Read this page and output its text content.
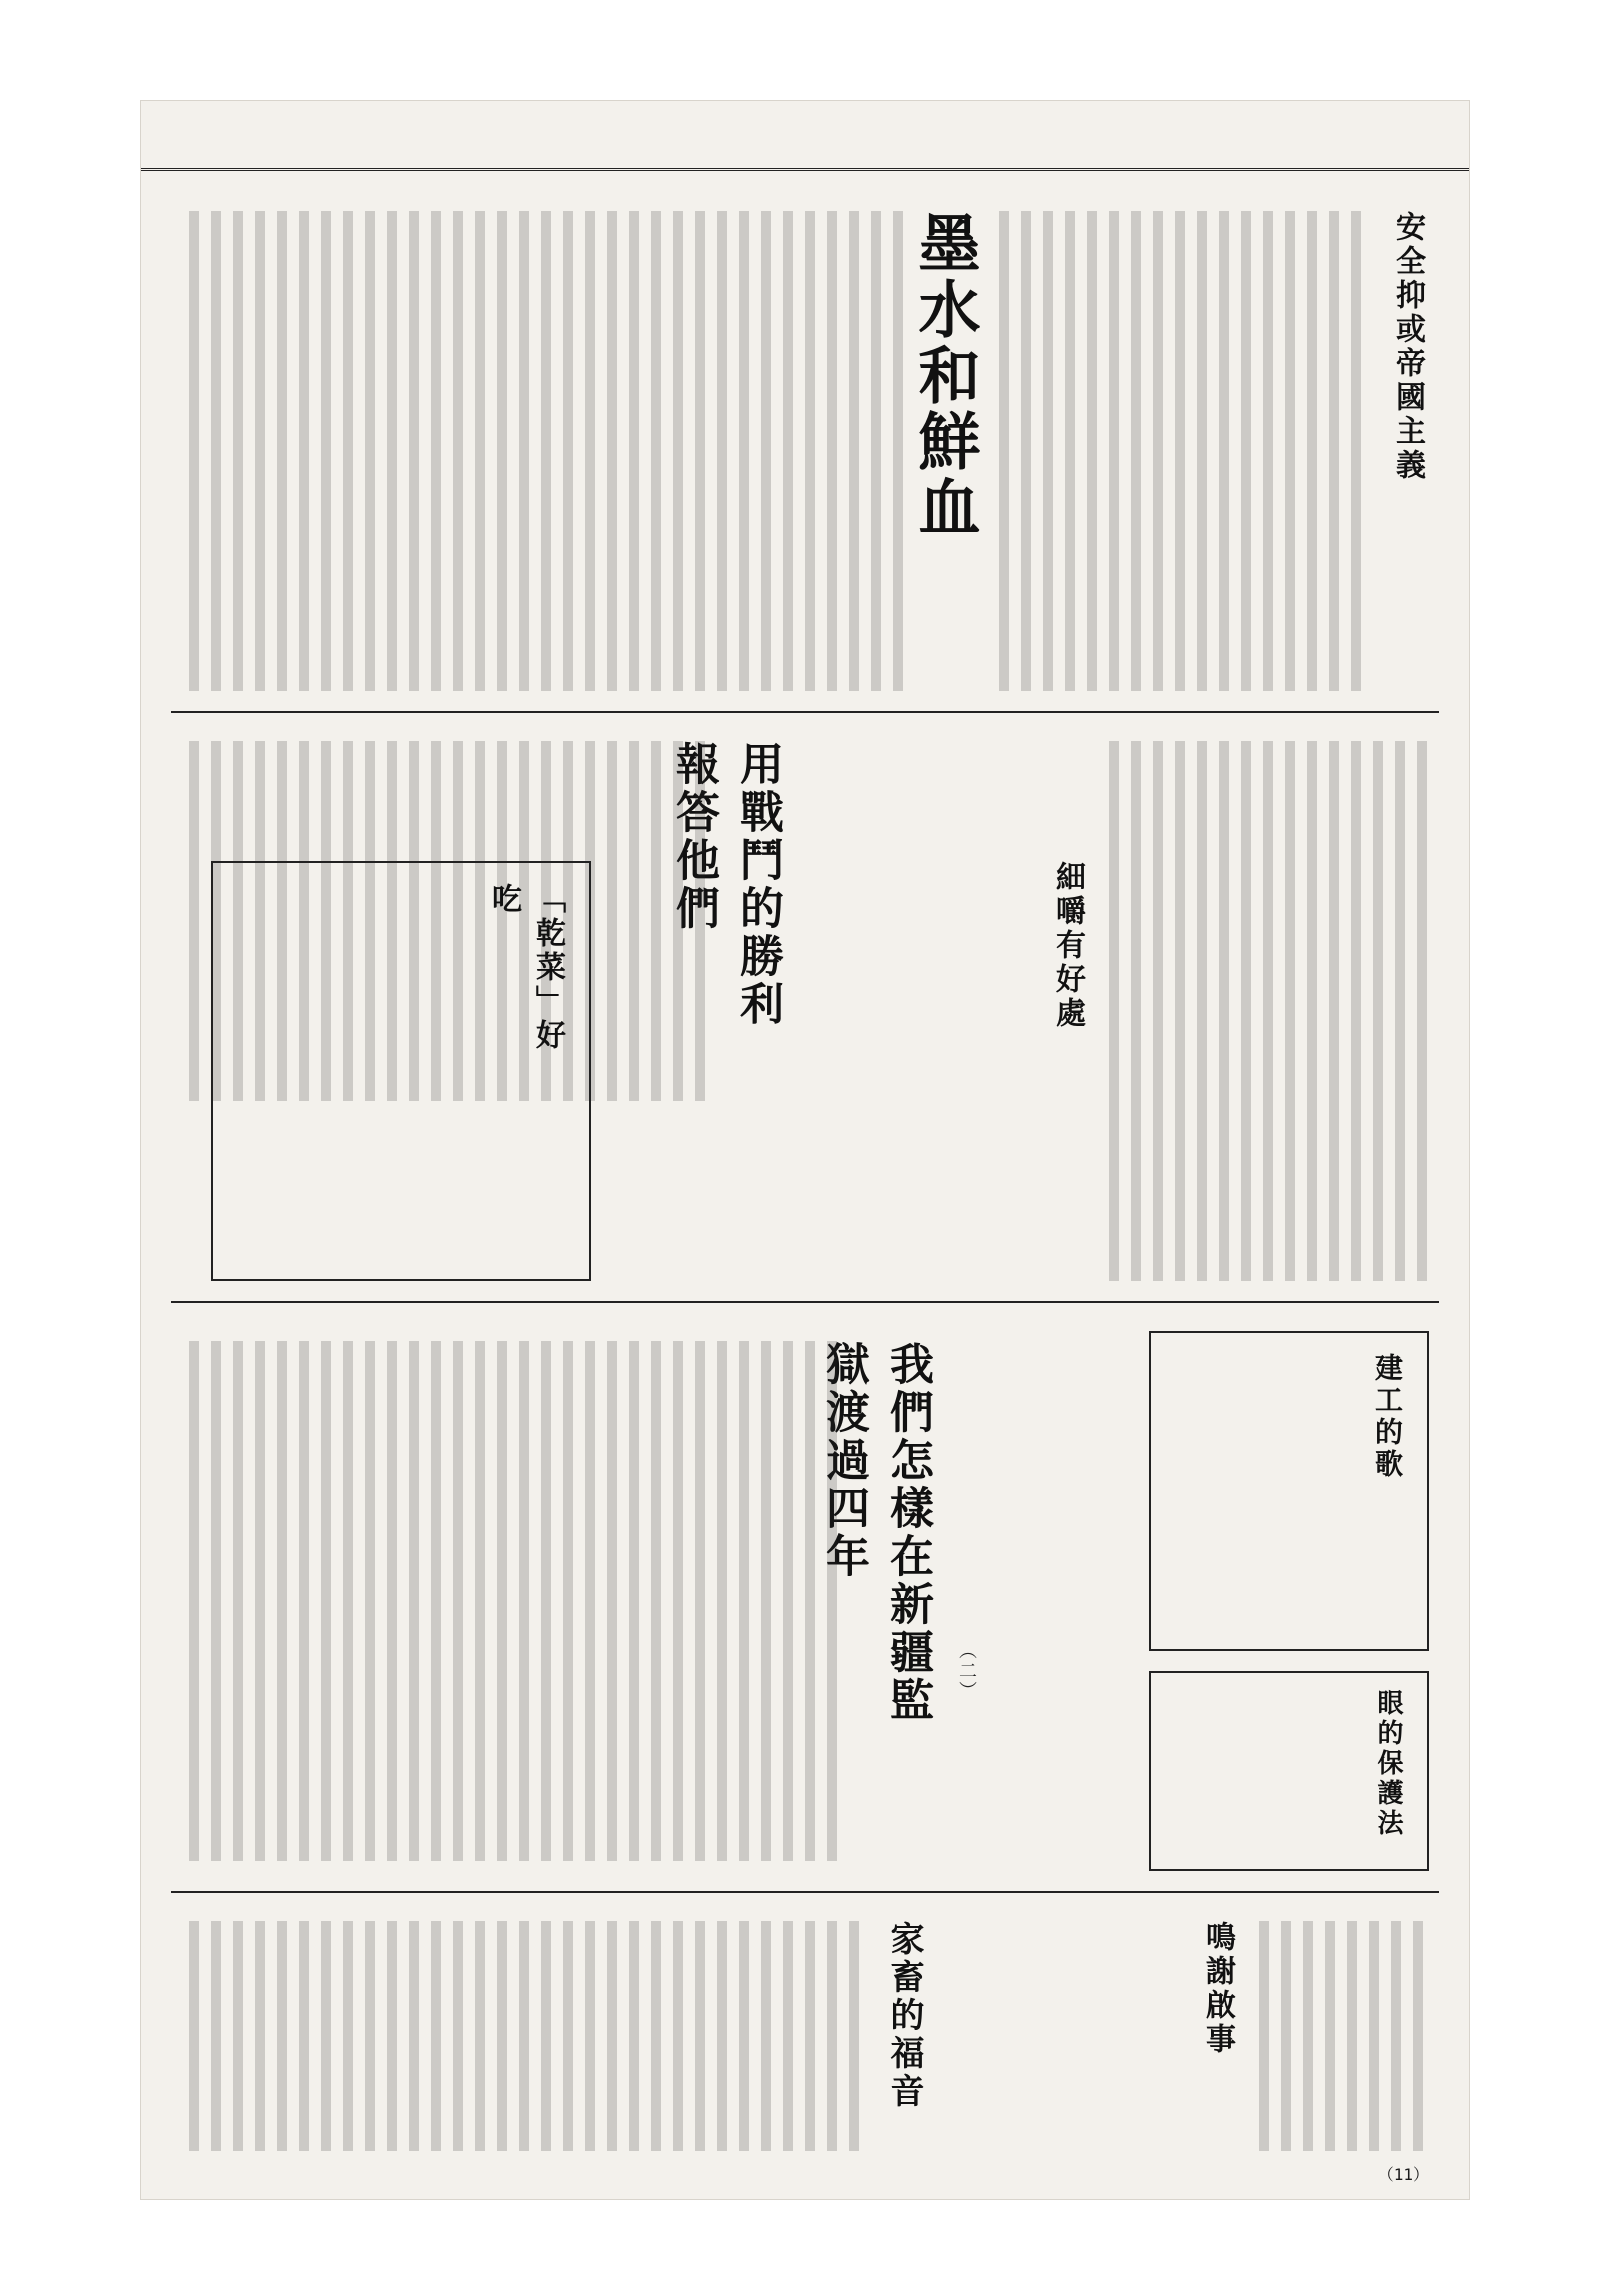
墨水和鮮血	安全抑或帝國主義
用戰鬥的勝利報答他們
細嚼有好處
「乾菜」好吃
我們怎樣在新疆監獄渡過四年
（二）
建工的歌
眼的保護法
家畜的福音	鳴謝啟事
（11）
